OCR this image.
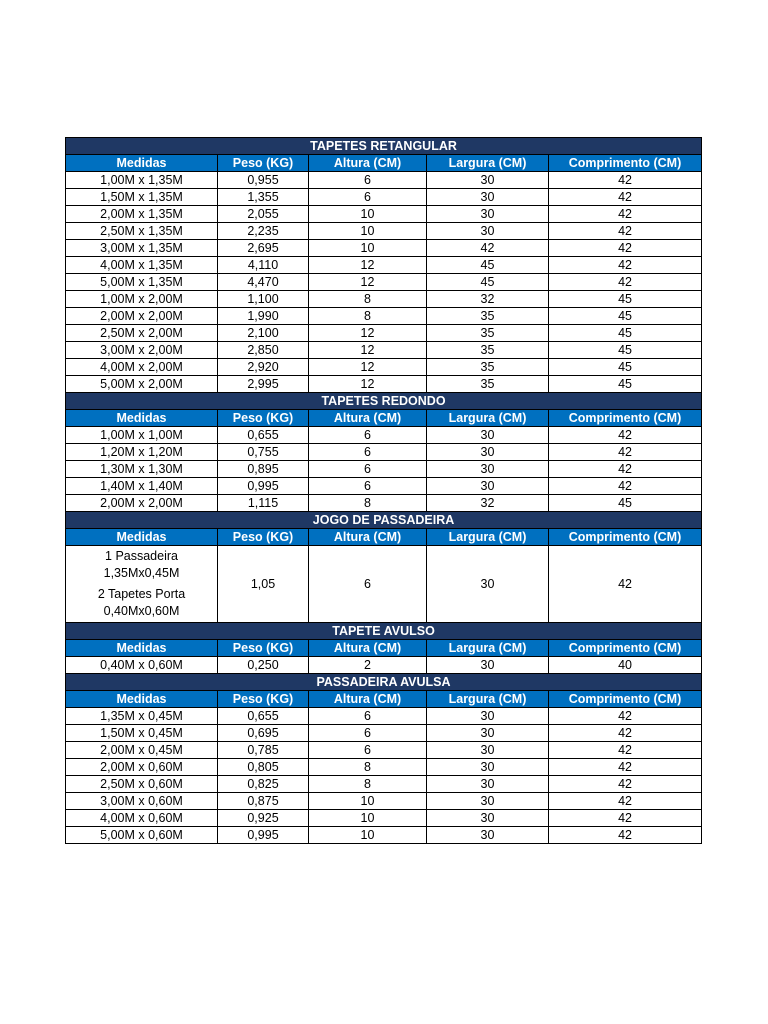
TAPETES RETANGULAR				
Medidas	Peso (KG)	Altura (CM)	Largura (CM)	Comprimento (CM)
1,00M x 1,35M	0,955	6	30	42
1,50M x 1,35M	1,355	6	30	42
2,00M x 1,35M	2,055	10	30	42
2,50M x 1,35M	2,235	10	30	42
3,00M x 1,35M	2,695	10	42	42
4,00M x 1,35M	4,110	12	45	42
5,00M x 1,35M	4,470	12	45	42
1,00M x 2,00M	1,100	8	32	45
2,00M x 2,00M	1,990	8	35	45
2,50M x 2,00M	2,100	12	35	45
3,00M x 2,00M	2,850	12	35	45
4,00M x 2,00M	2,920	12	35	45
5,00M x 2,00M	2,995	12	35	45
TAPETES REDONDO				
Medidas	Peso (KG)	Altura (CM)	Largura (CM)	Comprimento (CM)
1,00M x 1,00M	0,655	6	30	42
1,20M x 1,20M	0,755	6	30	42
1,30M x 1,30M	0,895	6	30	42
1,40M x 1,40M	0,995	6	30	42
2,00M x 2,00M	1,115	8	32	45
JOGO DE PASSADEIRA				
Medidas	Peso (KG)	Altura (CM)	Largura (CM)	Comprimento (CM)

1 Passadeira
1,35Mx0,45M
2 Tapetes Porta
0,40Mx0,60M	1,05	6	30	42
TAPETE AVULSO				
Medidas	Peso (KG)	Altura (CM)	Largura (CM)	Comprimento (CM)
0,40M x 0,60M	0,250	2	30	40
PASSADEIRA AVULSA				
Medidas	Peso (KG)	Altura (CM)	Largura (CM)	Comprimento (CM)
1,35M x 0,45M	0,655	6	30	42
1,50M x 0,45M	0,695	6	30	42
2,00M x 0,45M	0,785	6	30	42
2,00M x 0,60M	0,805	8	30	42
2,50M x 0,60M	0,825	8	30	42
3,00M x 0,60M	0,875	10	30	42
4,00M x 0,60M	0,925	10	30	42
5,00M x 0,60M	0,995	10	30	42
